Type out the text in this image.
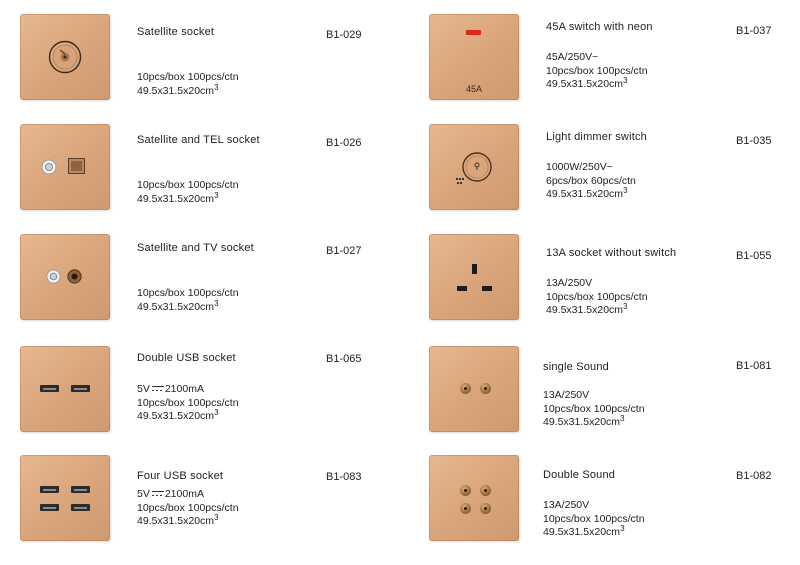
Satellite socket	B1-029
10pcs/box 100pcs/ctn
$49.5x31.5x20cm^3$
Satellite and TEL socket	B1-026
10pcs/box 100pcs/ctn
$49.5x31.5x20cm^3$
Satellite and TV socket	B1-027
10pcs/box 100pcs/ctn
$49.5x31.5x20cm^3$
Double USB socket	B1-065
5V 2100mA
10pcs/box 100pcs/ctn
$49.5x31.5x20cm^3$
Four USB socket	B1-083
5V 2100mA
10pcs/box 100pcs/ctn
$49.5x31.5x20cm^3$
45A
45A switch with neon	B1-037
45A/250V~
10pcs/box 100pcs/ctn
$49.5x31.5x20cm^3$
Light dimmer switch	B1-035
1000W/250V~
6pcs/box 60pcs/ctn
$49.5x31.5x20cm^3$
13A socket without switch	B1-055
13A/250V
10pcs/box 100pcs/ctn
$49.5x31.5x20cm^3$
single Sound	B1-081
13A/250V
10pcs/box 100pcs/ctn
$49.5x31.5x20cm^3$
Double Sound	B1-082
13A/250V
10pcs/box 100pcs/ctn
$49.5x31.5x20cm^3$
